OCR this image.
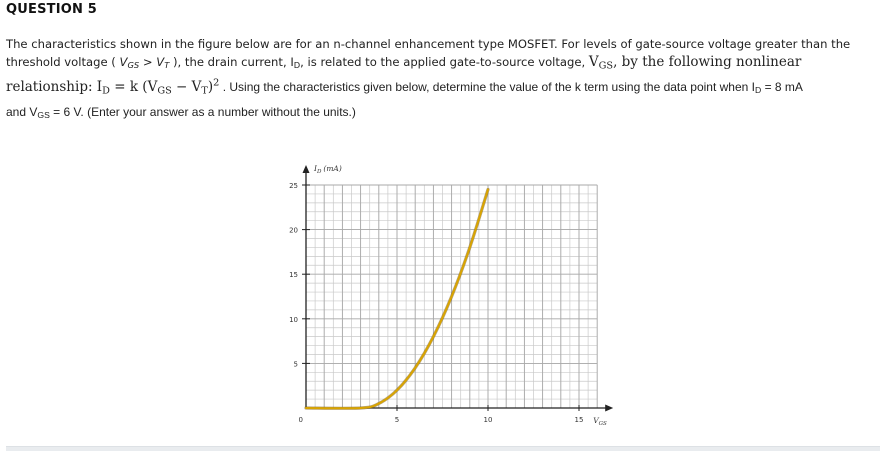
QUESTION 5
The characteristics shown in the figure below are for an n-channel enhancement type MOSFET. For levels of gate-source voltage greater than the
threshold voltage ( $V_{GS} > V_T$ ), the drain current, $I_D$, is related to the applied gate-to-source voltage, $V_{GS}$, by the following nonlinear
relationship: $I_D = k$ $(V_{GS} - V_T)^2$ . Using the characteristics given below, determine the value of the k term using the data point when $I_D = 8$ mA
and $V_{GS} = 6$ V. (Enter your answer as a number without the units.)
0
5
10
15
20
25
5	10	15
$I_D$ (mA)
$V_{GS}$
